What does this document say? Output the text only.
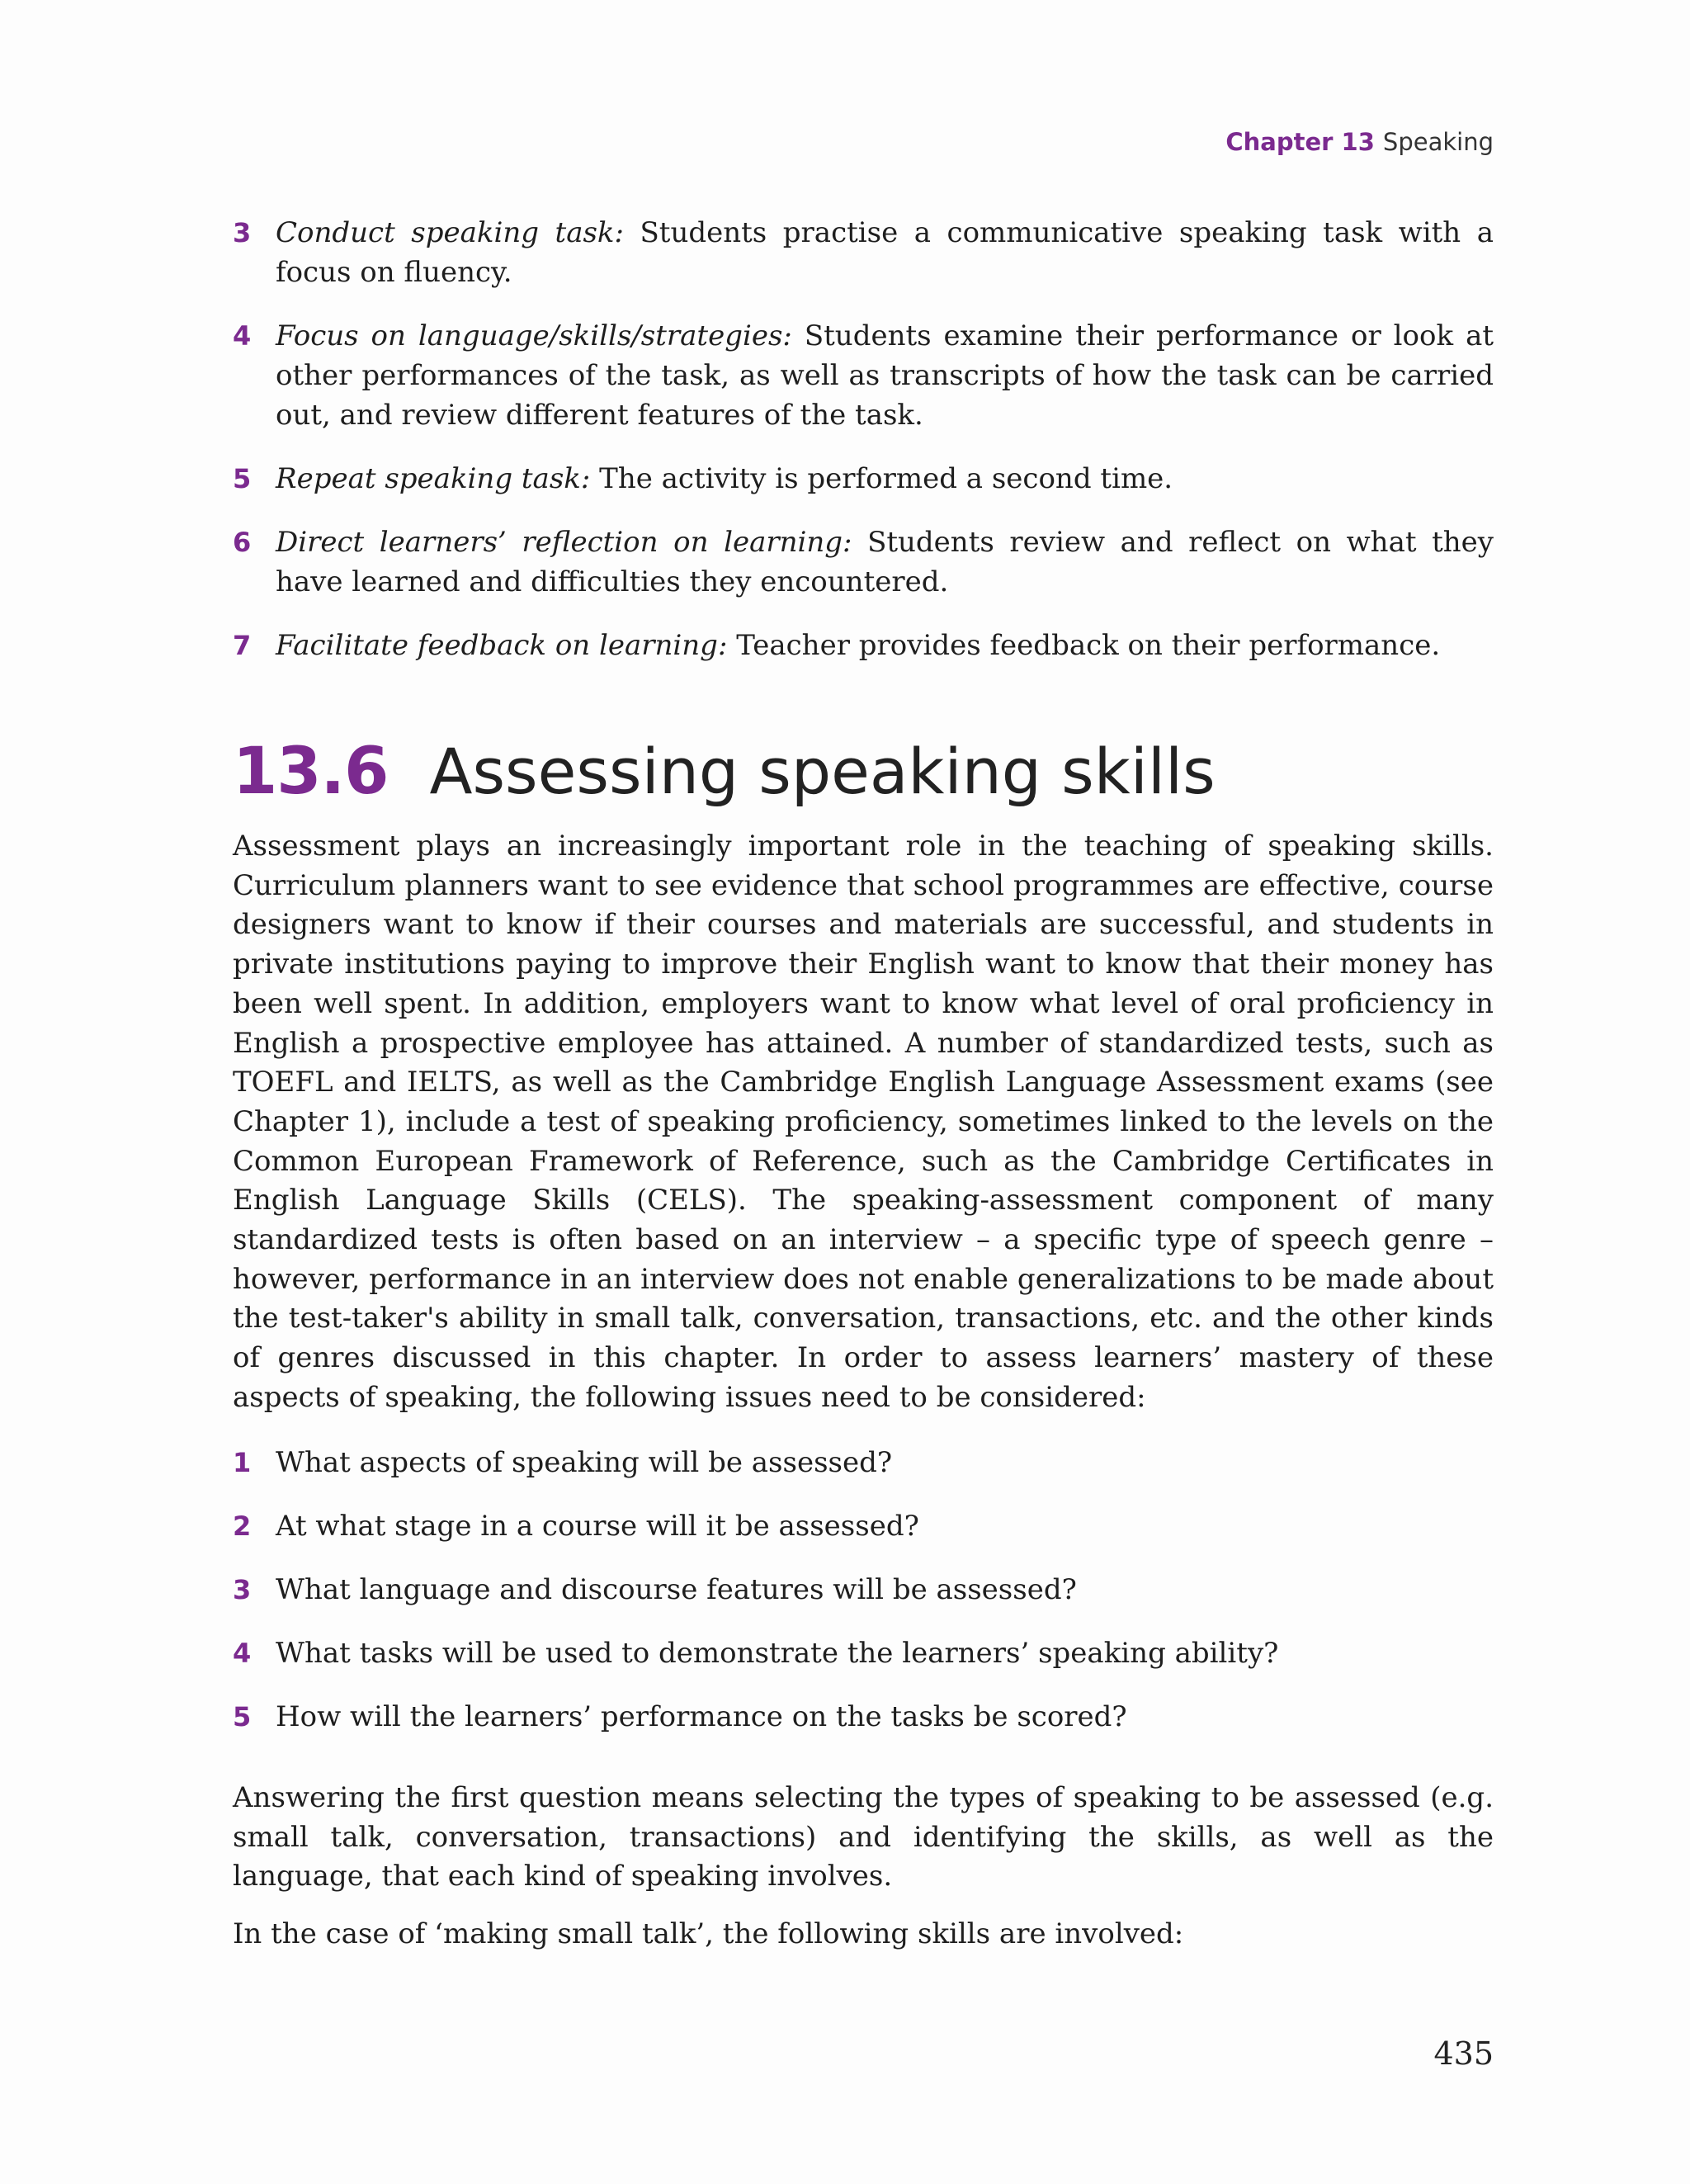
Chapter 13 Speaking
3 Conduct speaking task: Students practise a communicative speaking task with a focus on fluency.
4 Focus on language/skills/strategies: Students examine their performance or look at other performances of the task, as well as transcripts of how the task can be carried out, and review different features of the task.
5 Repeat speaking task: The activity is performed a second time.
6 Direct learners’ reflection on learning: Students review and reflect on what they have learned and difficulties they encountered.
7 Facilitate feedback on learning: Teacher provides feedback on their performance.
13.6 Assessing speaking skills

Assessment plays an increasingly important role in the teaching of speaking skills. Curriculum planners want to see evidence that school programmes are effective, course designers want to know if their courses and materials are successful, and students in private institutions paying to improve their English want to know that their money has been well spent. In addition, employers want to know what level of oral proficiency in English a prospective employee has attained. A number of standardized tests, such as TOEFL and IELTS, as well as the Cambridge English Language Assessment exams (see Chapter 1), include a test of speaking proficiency, sometimes linked to the levels on the Common European Framework of Reference, such as the Cambridge Certificates in English Language Skills (CELS). The speaking-assessment component of many standardized tests is often based on an interview – a specific type of speech genre – however, performance in an interview does not enable generalizations to be made about the test-taker's ability in small talk, conversation, transactions, etc. and the other kinds of genres discussed in this chapter. In order to assess learners’ mastery of these aspects of speaking, the following issues need to be considered:

1 What aspects of speaking will be assessed?
2 At what stage in a course will it be assessed?
3 What language and discourse features will be assessed?
4 What tasks will be used to demonstrate the learners’ speaking ability?
5 How will the learners’ performance on the tasks be scored?

Answering the first question means selecting the types of speaking to be assessed (e.g. small talk, conversation, transactions) and identifying the skills, as well as the language, that each kind of speaking involves.

In the case of ‘making small talk’, the following skills are involved:

435
